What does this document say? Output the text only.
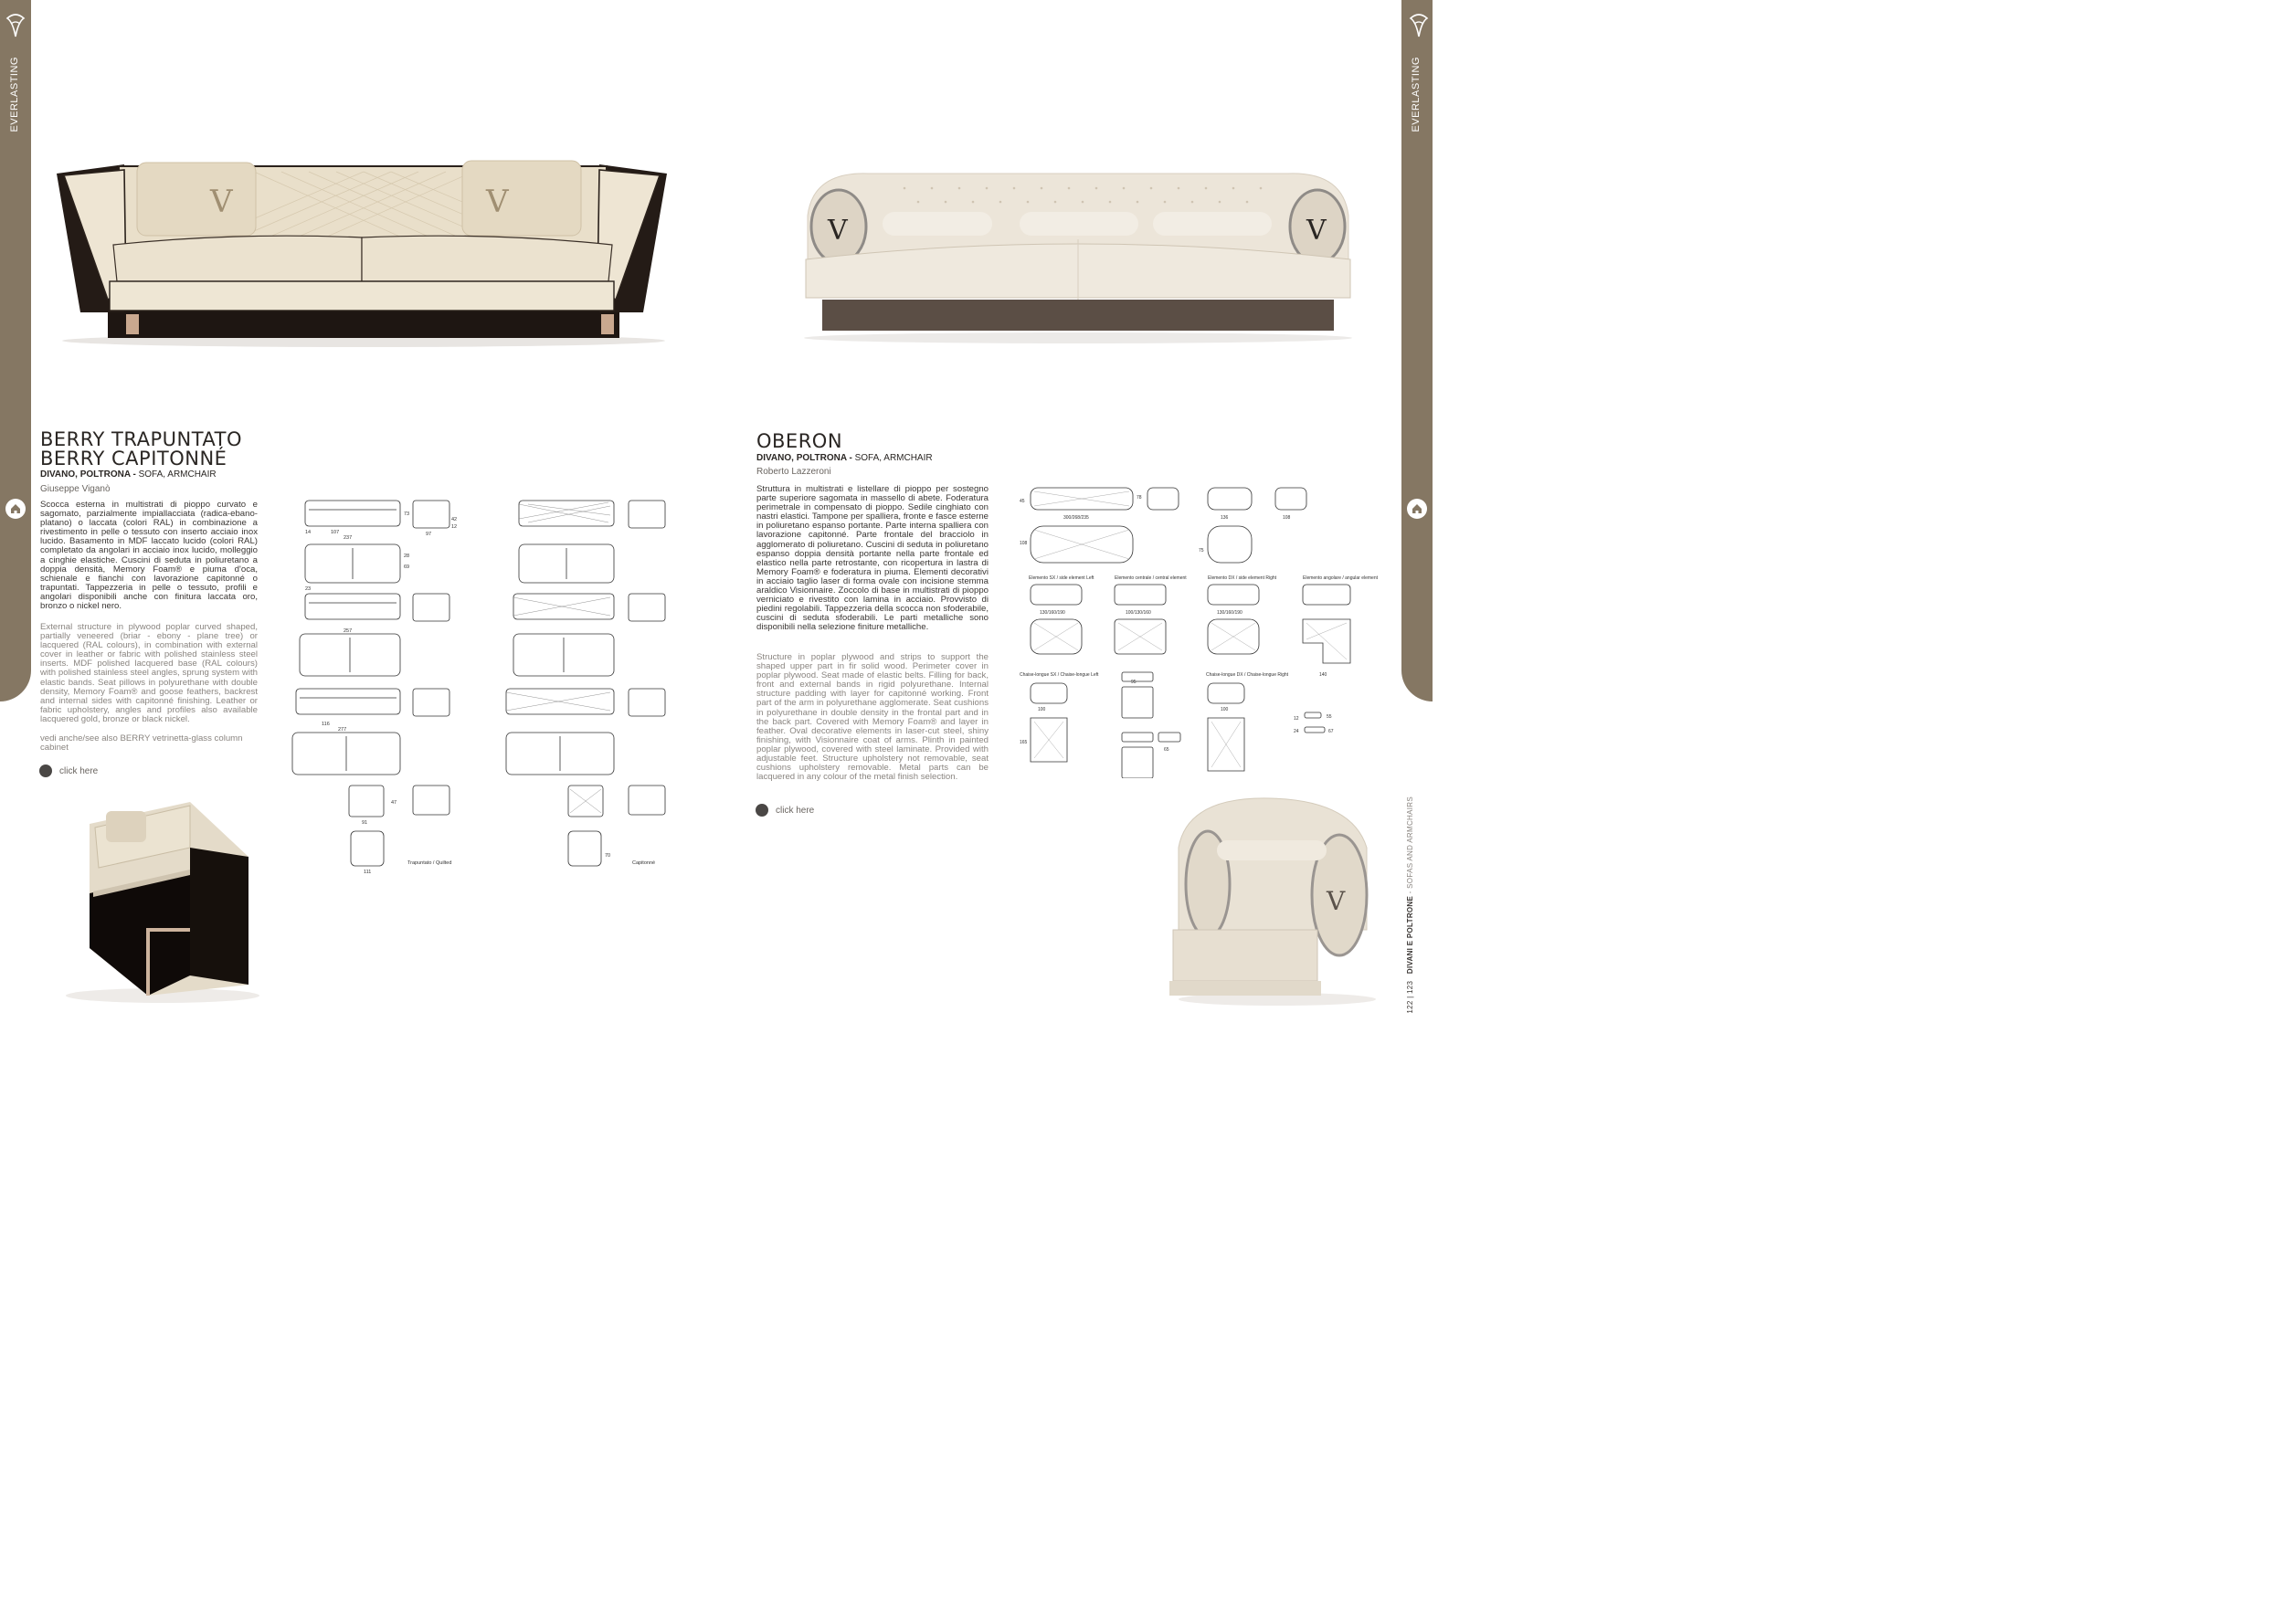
EVERLASTING	EVERLASTING
V	V
V	V
BERRY TRAPUNTATO
BERRY CAPITONNÉ
DIVANO, POLTRONA - SOFA, ARMCHAIR
Giuseppe Viganò
Scocca esterna in multistrati di pioppo curvato e sagomato, parzialmente impiallacciata (radica-ebano-platano) o laccata (colori RAL) in combinazione a rivestimento in pelle o tessuto con inserto acciaio inox lucido. Basamento in MDF laccato lucido (colori RAL) completato da angolari in acciaio inox lucido, molleggio a cinghie elastiche. Cuscini di seduta in poliuretano a doppia densità, Memory Foam® e piuma d'oca, schienale e fianchi con lavorazione capitonné o trapuntati. Tappezzeria in pelle o tessuto, profili e angolari disponibili anche con finitura laccata oro, bronzo o nickel nero.
External structure in plywood poplar curved shaped, partially veneered (briar - ebony - plane tree) or lacquered (RAL colours), in combination with external cover in leather or fabric with polished stainless steel inserts. MDF polished lacquered base (RAL colours) with polished stainless steel angles, sprung system with elastic bands. Seat pillows in polyurethane with double density, Memory Foam® and goose feathers, backrest and internal sides with capitonné finishing. Leather or fabric upholstery, angles and profiles also available lacquered gold, bronze or black nickel.
vedi anche/see also BERRY vetrinetta-glass column cabinet
click here
14	107
237
73
42
12
97
28
69
23
257
116
277
91
47
111
70
Trapuntato / Quilted	Capitonné
OBERON
DIVANO, POLTRONA - SOFA, ARMCHAIR
Roberto Lazzeroni
Struttura in multistrati e listellare di pioppo per sostegno parte superiore sagomata in massello di abete. Foderatura perimetrale in compensato di pioppo. Sedile cinghiato con nastri elastici. Tampone per spalliera, fronte e fasce esterne in poliuretano espanso portante. Parte interna spalliera con lavorazione capitonné. Parte frontale del bracciolo in agglomerato di poliuretano. Cuscini di seduta in poliuretano espanso doppia densità portante nella parte frontale ed elastico nella parte retrostante, con ricopertura in lastra di Memory Foam® e foderatura in piuma. Elementi decorativi in acciaio taglio laser di forma ovale con incisione stemma araldico Visionnaire. Zoccolo di base in multistrati di pioppo verniciato e rivestito con lamina in acciaio. Provvisto di piedini regolabili. Tappezzeria della scocca non sfoderabile, cuscini di seduta sfoderabili. Le parti metalliche sono disponibili nella selezione finiture metalliche.
Structure in poplar plywood and strips to support the shaped upper part in fir solid wood. Perimeter cover in poplar plywood. Seat made of elastic belts. Filling for back, front and external bands in rigid polyurethane. Internal structure padding with layer for capitonné working. Front part of the arm in polyurethane agglomerate. Seat cushions in polyurethane in double density in the frontal part and in the back part. Covered with Memory Foam® and layer in feather. Oval decorative elements in laser-cut steel, shiny finishing, with Visionnaire coat of arms. Plinth in painted poplar plywood, covered with steel laminate. Provided with adjustable feet. Structure upholstery not removable, seat cushions upholstery removable. Metal parts can be lacquered in any colour of the metal finish selection.
click here
300/268/235
45
78
108
136	108
75
Elemento SX / side element Left	Elemento centrale / central element	Elemento DX / side element Right	Elemento angolare / angular element
130/160/190	100/130/160	130/160/190
140
Chaise-longue SX / Chaise-longue Left	Chaise-longue DX / Chaise-longue Right
100	100
165
95
65
55
67
12
24
V
122 | 123   DIVANI E POLTRONE - SOFAS AND ARMCHAIRS
